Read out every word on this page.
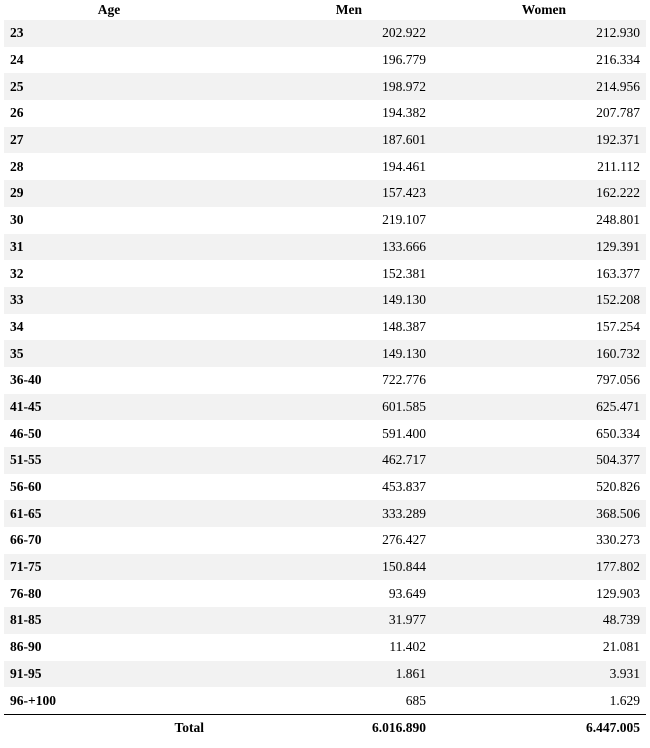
Age	Men	Women
23	202.922	212.930
24	196.779	216.334
25	198.972	214.956
26	194.382	207.787
27	187.601	192.371
28	194.461	211.112
29	157.423	162.222
30	219.107	248.801
31	133.666	129.391
32	152.381	163.377
33	149.130	152.208
34	148.387	157.254
35	149.130	160.732
36-40	722.776	797.056
41-45	601.585	625.471
46-50	591.400	650.334
51-55	462.717	504.377
56-60	453.837	520.826
61-65	333.289	368.506
66-70	276.427	330.273
71-75	150.844	177.802
76-80	93.649	129.903
81-85	31.977	48.739
86-90	11.402	21.081
91-95	1.861	3.931
96-+100	685	1.629
Total	6.016.890	6.447.005
